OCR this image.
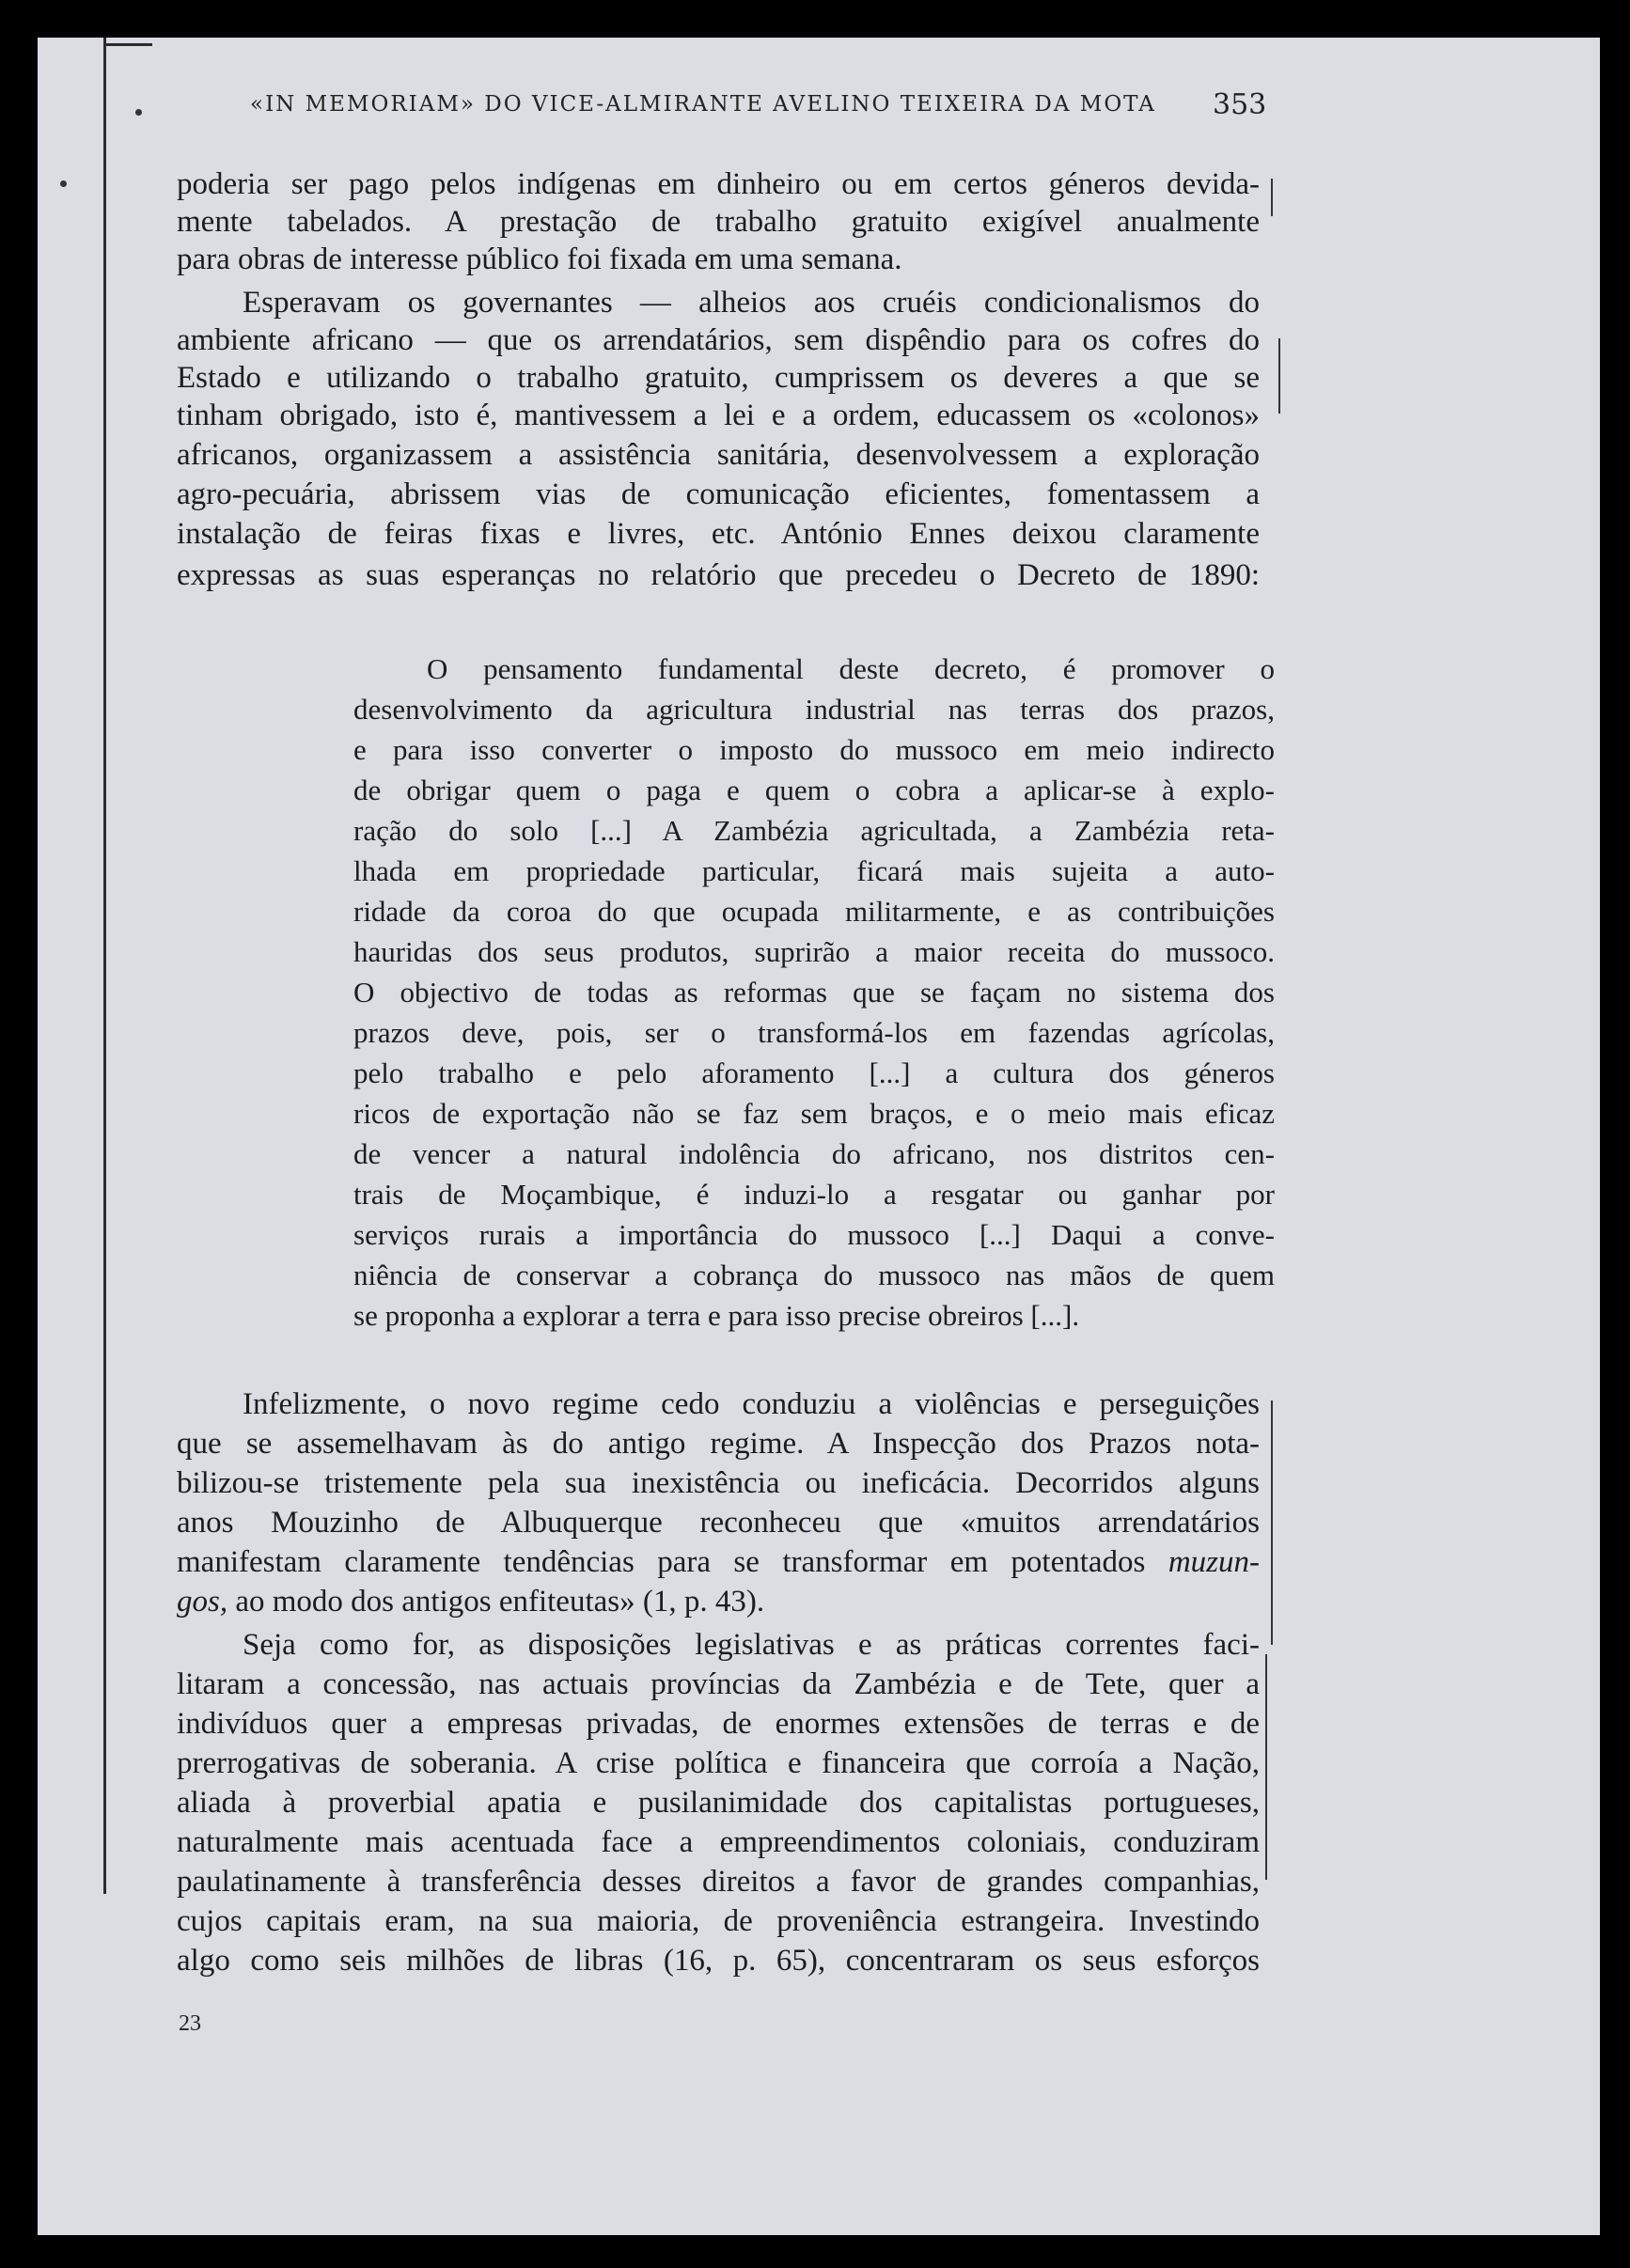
«IN MEMORIAM» DO VICE-ALMIRANTE AVELINO TEIXEIRA DA MOTA	353
poderia ser pago pelos indígenas em dinheiro ou em certos géneros devida-
mente tabelados. A prestação de trabalho gratuito exigível anualmente
para obras de interesse público foi fixada em uma semana.
Esperavam os governantes — alheios aos cruéis condicionalismos do
ambiente africano — que os arrendatários, sem dispêndio para os cofres do
Estado e utilizando o trabalho gratuito, cumprissem os deveres a que se
tinham obrigado, isto é, mantivessem a lei e a ordem, educassem os «colonos»
africanos, organizassem a assistência sanitária, desenvolvessem a exploração
agro-pecuária, abrissem vias de comunicação eficientes, fomentassem a
instalação de feiras fixas e livres, etc. António Ennes deixou claramente
expressas as suas esperanças no relatório que precedeu o Decreto de 1890:
O pensamento fundamental deste decreto, é promover o
desenvolvimento da agricultura industrial nas terras dos prazos,
e para isso converter o imposto do mussoco em meio indirecto
de obrigar quem o paga e quem o cobra a aplicar-se à explo-
ração do solo [...] A Zambézia agricultada, a Zambézia reta-
lhada em propriedade particular, ficará mais sujeita a auto-
ridade da coroa do que ocupada militarmente, e as contribuições
hauridas dos seus produtos, suprirão a maior receita do mussoco.
O objectivo de todas as reformas que se façam no sistema dos
prazos deve, pois, ser o transformá-los em fazendas agrícolas,
pelo trabalho e pelo aforamento [...] a cultura dos géneros
ricos de exportação não se faz sem braços, e o meio mais eficaz
de vencer a natural indolência do africano, nos distritos cen-
trais de Moçambique, é induzi-lo a resgatar ou ganhar por
serviços rurais a importância do mussoco [...] Daqui a conve-
niência de conservar a cobrança do mussoco nas mãos de quem
se proponha a explorar a terra e para isso precise obreiros [...].
Infelizmente, o novo regime cedo conduziu a violências e perseguições
que se assemelhavam às do antigo regime. A Inspecção dos Prazos nota-
bilizou-se tristemente pela sua inexistência ou ineficácia. Decorridos alguns
anos Mouzinho de Albuquerque reconheceu que «muitos arrendatários
manifestam claramente tendências para se transformar em potentados muzun-
gos, ao modo dos antigos enfiteutas» (1, p. 43).
Seja como for, as disposições legislativas e as práticas correntes faci-
litaram a concessão, nas actuais províncias da Zambézia e de Tete, quer a
indivíduos quer a empresas privadas, de enormes extensões de terras e de
prerrogativas de soberania. A crise política e financeira que corroía a Nação,
aliada à proverbial apatia e pusilanimidade dos capitalistas portugueses,
naturalmente mais acentuada face a empreendimentos coloniais, conduziram
paulatinamente à transferência desses direitos a favor de grandes companhias,
cujos capitais eram, na sua maioria, de proveniência estrangeira. Investindo
algo como seis milhões de libras (16, p. 65), concentraram os seus esforços
23
